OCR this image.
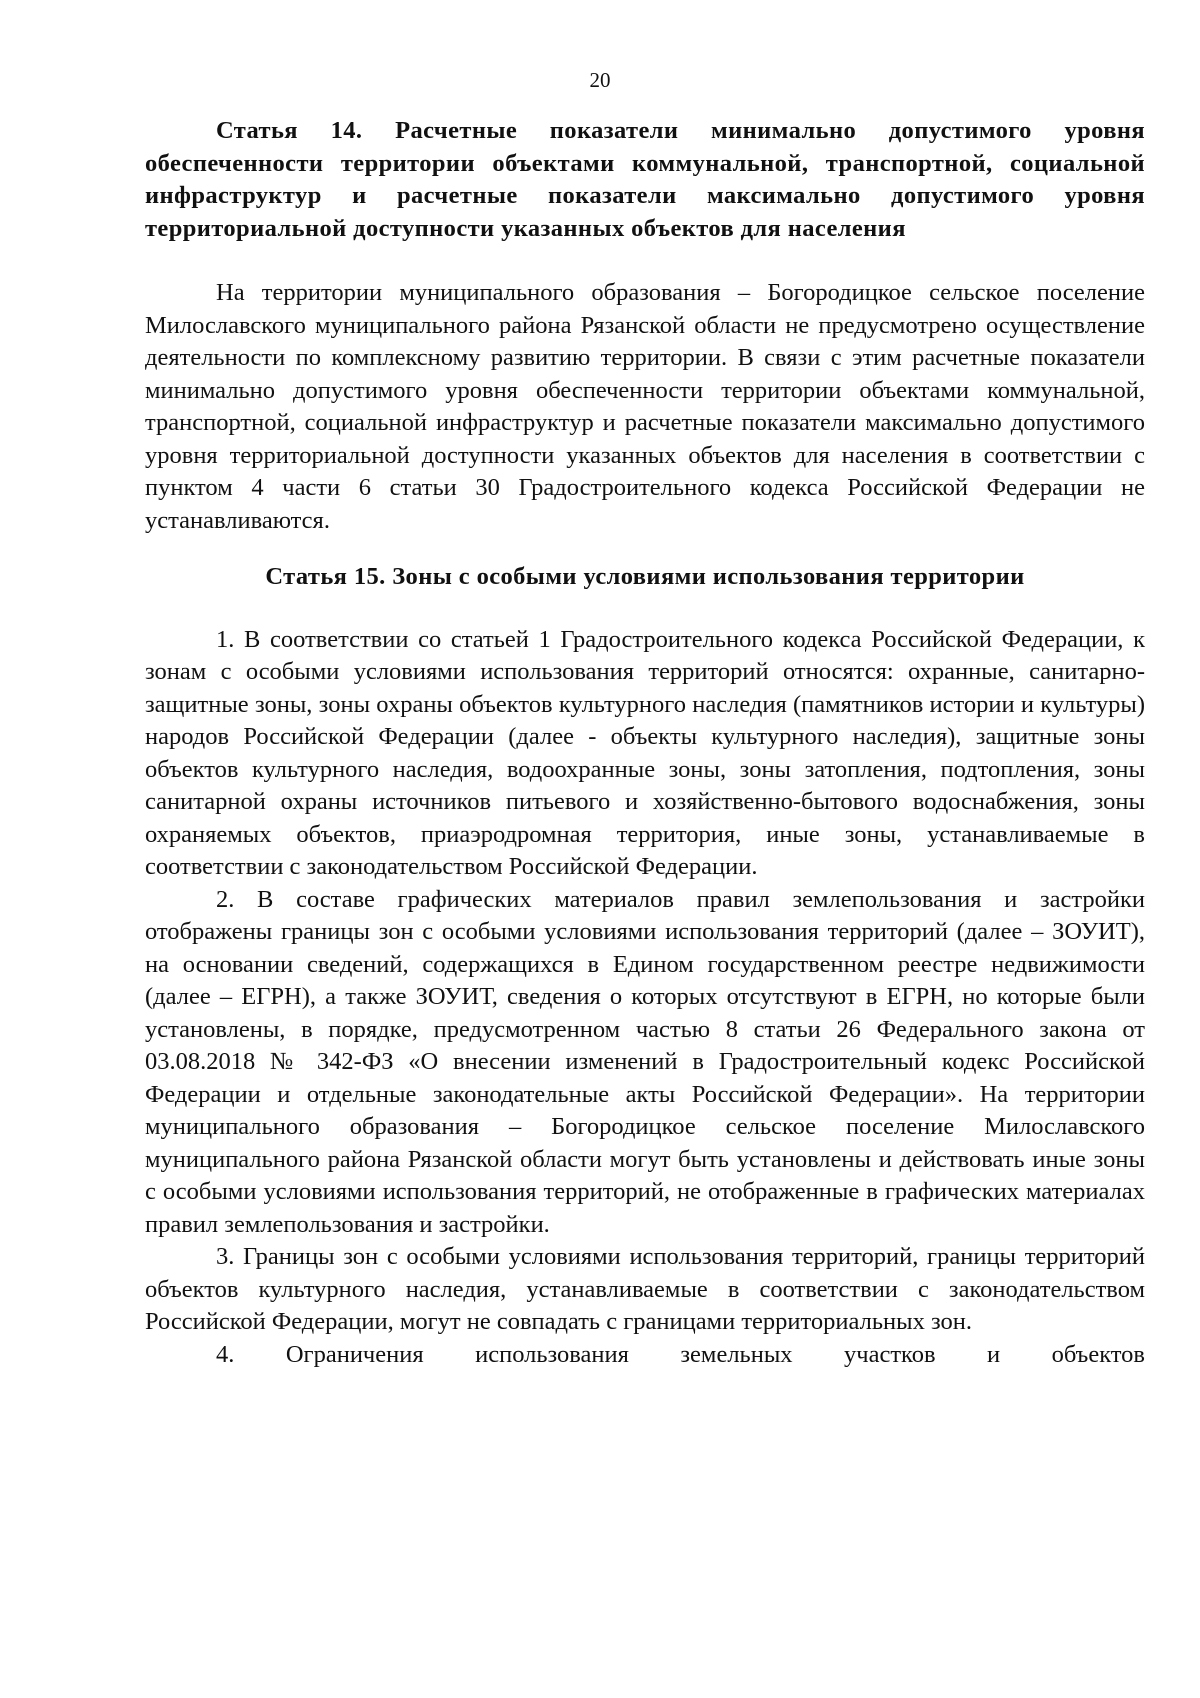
20

Статья 14. Расчетные показатели минимально допустимого уровня обеспеченности территории объектами коммунальной, транспортной, социальной инфраструктур и расчетные показатели максимально допустимого уровня территориальной доступности указанных объектов для населения

На территории муниципального образования – Богородицкое сельское поселение Милославского муниципального района Рязанской области не предусмотрено осуществление деятельности по комплексному развитию территории. В связи с этим расчетные показатели минимально допустимого уровня обеспеченности территории объектами коммунальной, транспортной, социальной инфраструктур и расчетные показатели максимально допустимого уровня территориальной доступности указанных объектов для населения в соответствии с пунктом 4 части 6 статьи 30 Градостроительного кодекса Российской Федерации не устанавливаются.

Статья 15. Зоны с особыми условиями использования территории

1. В соответствии со статьей 1 Градостроительного кодекса Российской Федерации, к зонам с особыми условиями использования территорий относятся: охранные, санитарно-защитные зоны, зоны охраны объектов культурного наследия (памятников истории и культуры) народов Российской Федерации (далее - объекты культурного наследия), защитные зоны объектов культурного наследия, водоохранные зоны, зоны затопления, подтопления, зоны санитарной охраны источников питьевого и хозяйственно-бытового водоснабжения, зоны охраняемых объектов, приаэродромная территория, иные зоны, устанавливаемые в соответствии с законодательством Российской Федерации.

2. В составе графических материалов правил землепользования и застройки отображены границы зон с особыми условиями использования территорий (далее – ЗОУИТ), на основании сведений, содержащихся в Едином государственном реестре недвижимости (далее – ЕГРН), а также ЗОУИТ, сведения о которых отсутствуют в ЕГРН, но которые были установлены, в порядке, предусмотренном частью 8 статьи 26 Федерального закона от 03.08.2018 № 342-ФЗ «О внесении изменений в Градостроительный кодекс Российской Федерации и отдельные законодательные акты Российской Федерации». На территории муниципального образования – Богородицкое сельское поселение Милославского муниципального района Рязанской области могут быть установлены и действовать иные зоны с особыми условиями использования территорий, не отображенные в графических материалах правил землепользования и застройки.

3. Границы зон с особыми условиями использования территорий, границы территорий объектов культурного наследия, устанавливаемые в соответствии с законодательством Российской Федерации, могут не совпадать с границами территориальных зон.

4. Ограничения использования земельных участков и объектов
